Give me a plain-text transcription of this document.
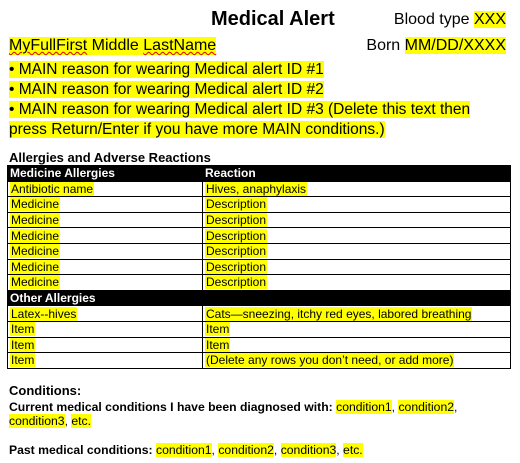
Medical Alert	Blood type XXX
MyFullFirst Middle LastName	Born MM/DD/XXXX
• MAIN reason for wearing Medical alert ID #1
• MAIN reason for wearing Medical alert ID #2
• MAIN reason for wearing Medical alert ID #3 (Delete this text then press Return/Enter if you have more MAIN conditions.)
Allergies and Adverse Reactions
Medicine Allergies	Reaction
Antibiotic name	Hives, anaphylaxis
Medicine	Description
Medicine	Description
Medicine	Description
Medicine	Description
Medicine	Description
Medicine	Description
Other Allergies	
Latex--hives	Cats—sneezing, itchy red eyes, labored breathing
Item	Item
Item	Item
Item	(Delete any rows you don’t need, or add more)
Conditions:
Current medical conditions I have been diagnosed with: condition1, condition2, condition3, etc.
Past medical conditions: condition1, condition2, condition3, etc.
